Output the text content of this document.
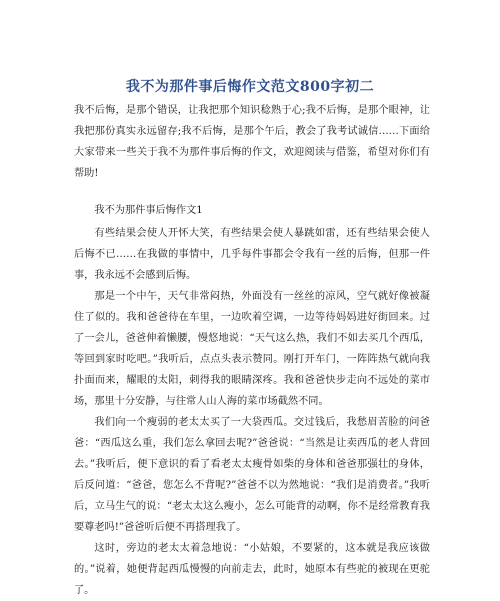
我不为那件事后悔作文范文800字初二

我不后悔，是那个错误，让我把那个知识稔熟于心;我不后悔，是那个眼神，让我把那份真实永远留存;我不后悔，是那个午后，教会了我考试诚信……下面给大家带来一些关于我不为那件事后悔的作文，欢迎阅读与借鉴，希望对你们有帮助!

我不为那件事后悔作文1

有些结果会使人开怀大笑，有些结果会使人暴跳如雷，还有些结果会使人后悔不已……在我做的事情中，几乎每件事都会令我有一丝的后悔，但那一件事，我永远不会感到后悔。

那是一个中午，天气非常闷热，外面没有一丝丝的凉风，空气就好像被凝住了似的。我和爸爸待在车里，一边吹着空调，一边等待妈妈进好街回来。过了一会儿，爸爸伸着懒腰，慢悠地说：“天气这么热，我们不如去买几个西瓜，等回到家时吃吧。”我听后，点点头表示赞同。刚打开车门，一阵阵热气就向我扑面而来，耀眼的太阳，刺得我的眼睛深疼。我和爸爸快步走向不远处的菜市场，那里十分安静，与往常人山人海的菜市场截然不同。

我们向一个瘦弱的老太太买了一大袋西瓜。交过钱后，我愁眉苦脸的问爸爸：“西瓜这么重，我们怎么拿回去呢?”爸爸说：“当然是让卖西瓜的老人背回去。”我听后，便下意识的看了看老太太瘦骨如柴的身体和爸爸那强壮的身体，后反问道：“爸爸，您怎么不背呢?”爸爸不以为然地说：“我们是消费者。”我听后，立马生气的说：“老太太这么瘦小，怎么可能背的动啊，你不是经常教育我要尊老吗!”爸爸听后便不再搭理我了。

这时，旁边的老太太着急地说：“小姑娘，不要紧的，这本就是我应该做的。”说着，她便背起西瓜慢慢的向前走去，此时，她原本有些驼的被现在更驼了。
